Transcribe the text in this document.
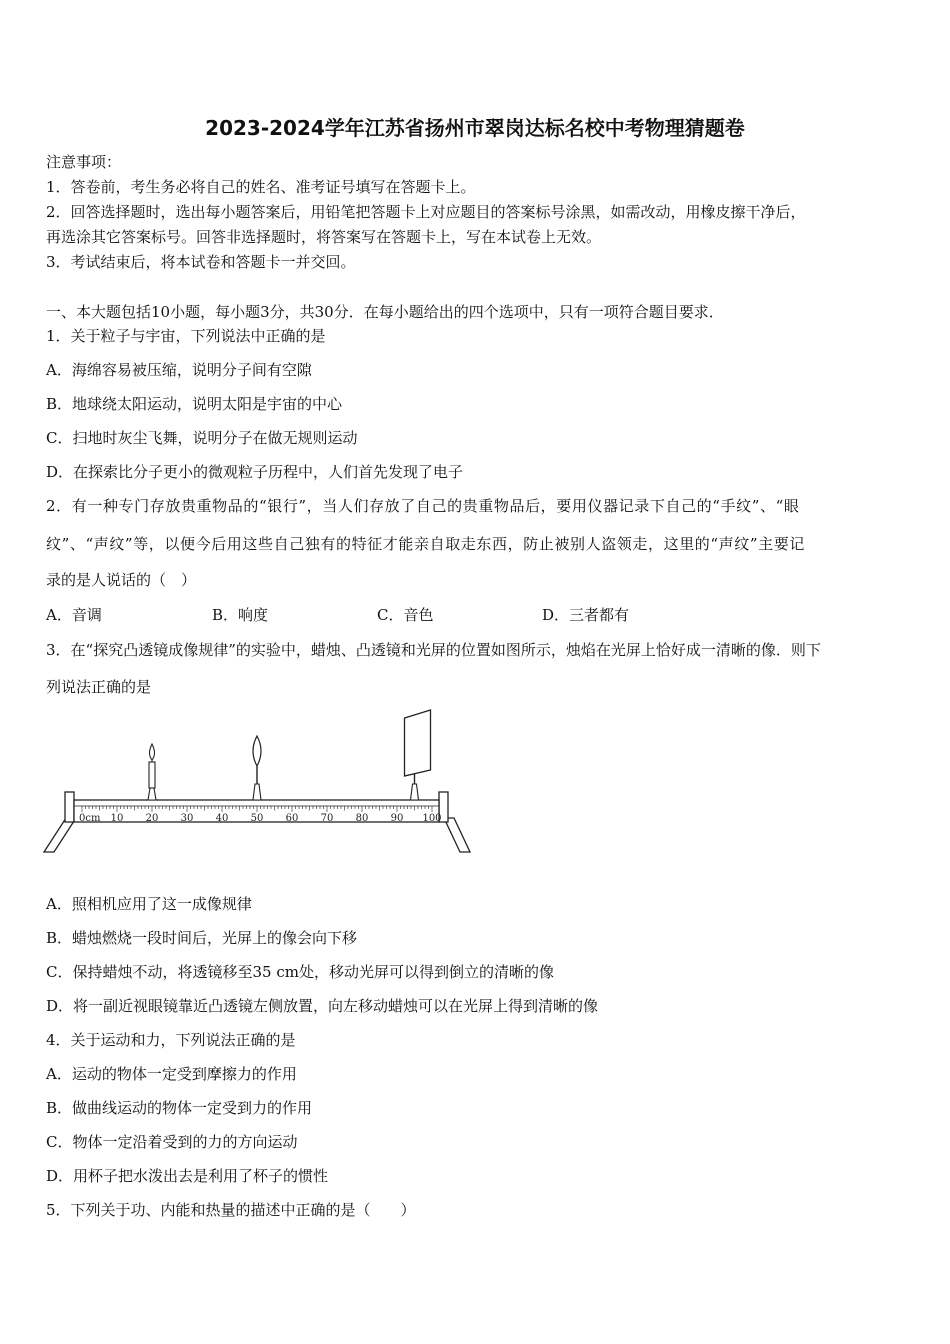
2023-2024学年江苏省扬州市翠岗达标名校中考物理猜题卷
注意事项：
1．答卷前，考生务必将自己的姓名、准考证号填写在答题卡上。
2．回答选择题时，选出每小题答案后，用铅笔把答题卡上对应题目的答案标号涂黑，如需改动，用橡皮擦干净后，
再选涂其它答案标号。回答非选择题时，将答案写在答题卡上，写在本试卷上无效。
3．考试结束后，将本试卷和答题卡一并交回。
一、本大题包括10小题，每小题3分，共30分．在每小题给出的四个选项中，只有一项符合题目要求．
1．关于粒子与宇宙，下列说法中正确的是
A．海绵容易被压缩，说明分子间有空隙
B．地球绕太阳运动，说明太阳是宇宙的中心
C．扫地时灰尘飞舞，说明分子在做无规则运动
D．在探索比分子更小的微观粒子历程中，人们首先发现了电子
2．有一种专门存放贵重物品的“银行”，当人们存放了自己的贵重物品后，要用仪器记录下自己的“手纹”、“眼
纹”、“声纹”等，以便今后用这些自己独有的特征才能亲自取走东西，防止被别人盗领走，这里的“声纹”主要记
录的是人说话的（　）
A．音调	B．响度	C．音色	D．三者都有
3．在“探究凸透镜成像规律”的实验中，蜡烛、凸透镜和光屏的位置如图所示，烛焰在光屏上恰好成一清晰的像．则下
列说法正确的是
0cm 10 20 30 40 50 60 70 80 90 100
A．照相机应用了这一成像规律
B．蜡烛燃烧一段时间后，光屏上的像会向下移
C．保持蜡烛不动，将透镜移至35 cm处，移动光屏可以得到倒立的清晰的像
D．将一副近视眼镜靠近凸透镜左侧放置，向左移动蜡烛可以在光屏上得到清晰的像
4．关于运动和力，下列说法正确的是
A．运动的物体一定受到摩擦力的作用
B．做曲线运动的物体一定受到力的作用
C．物体一定沿着受到的力的方向运动
D．用杯子把水泼出去是利用了杯子的惯性
5．下列关于功、内能和热量的描述中正确的是（　　）
